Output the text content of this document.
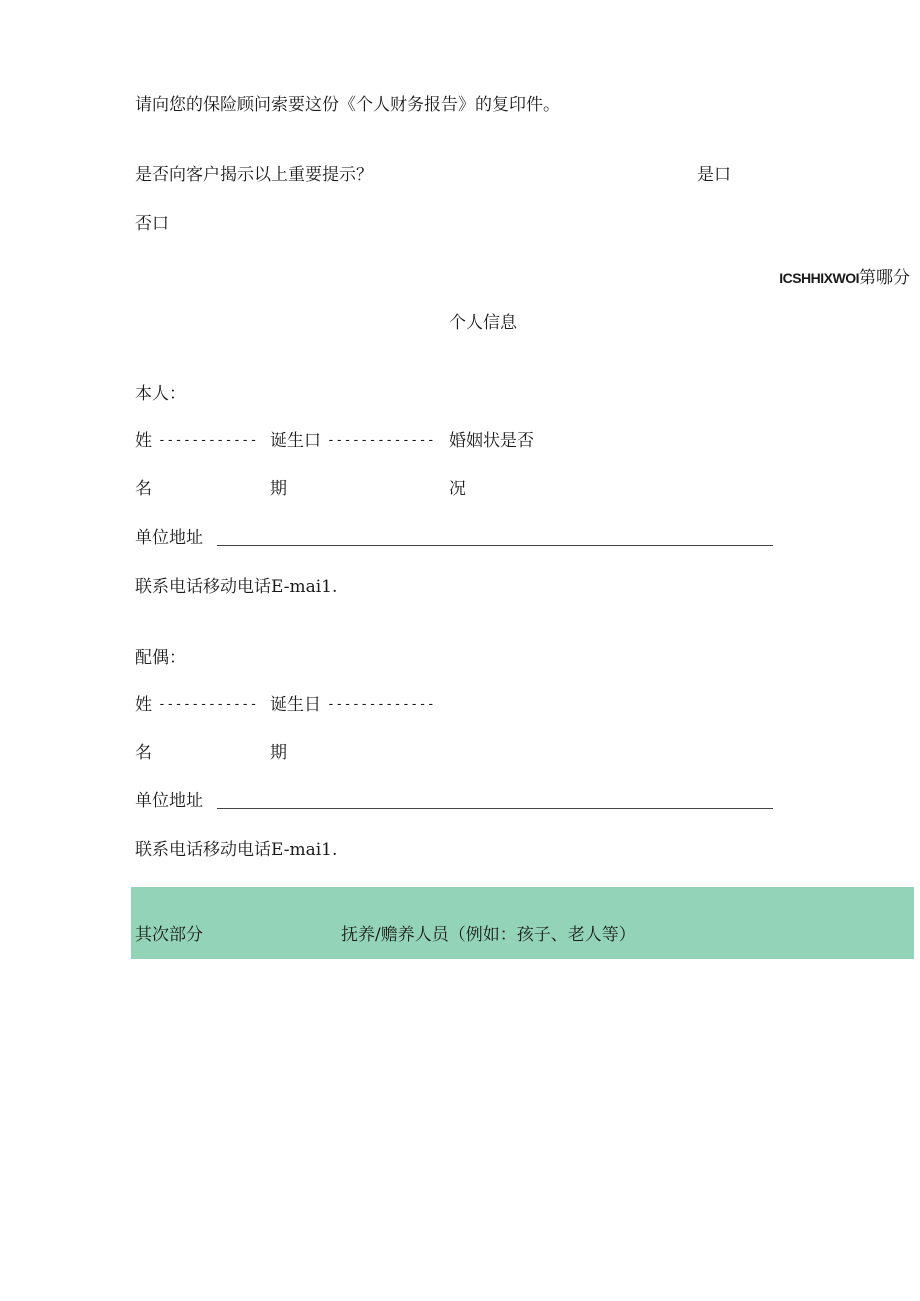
请向您的保险顾问索要这份《个人财务报告》的复印件。
是否向客户揭示以上重要提示？	是口
否口
ICSHHIXWOI第哪分
个人信息
本人：
姓 ------------ 诞生口 ------------- 婚姻状 是否
名	期	况
单位地址
联系电话移动电话E-mai1.
配偶：
姓 ------------ 诞生日 -------------
名	期
单位地址
联系电话移动电话E-mai1.
其次部分	抚养/赡养人员（例如：孩子、老人等）
